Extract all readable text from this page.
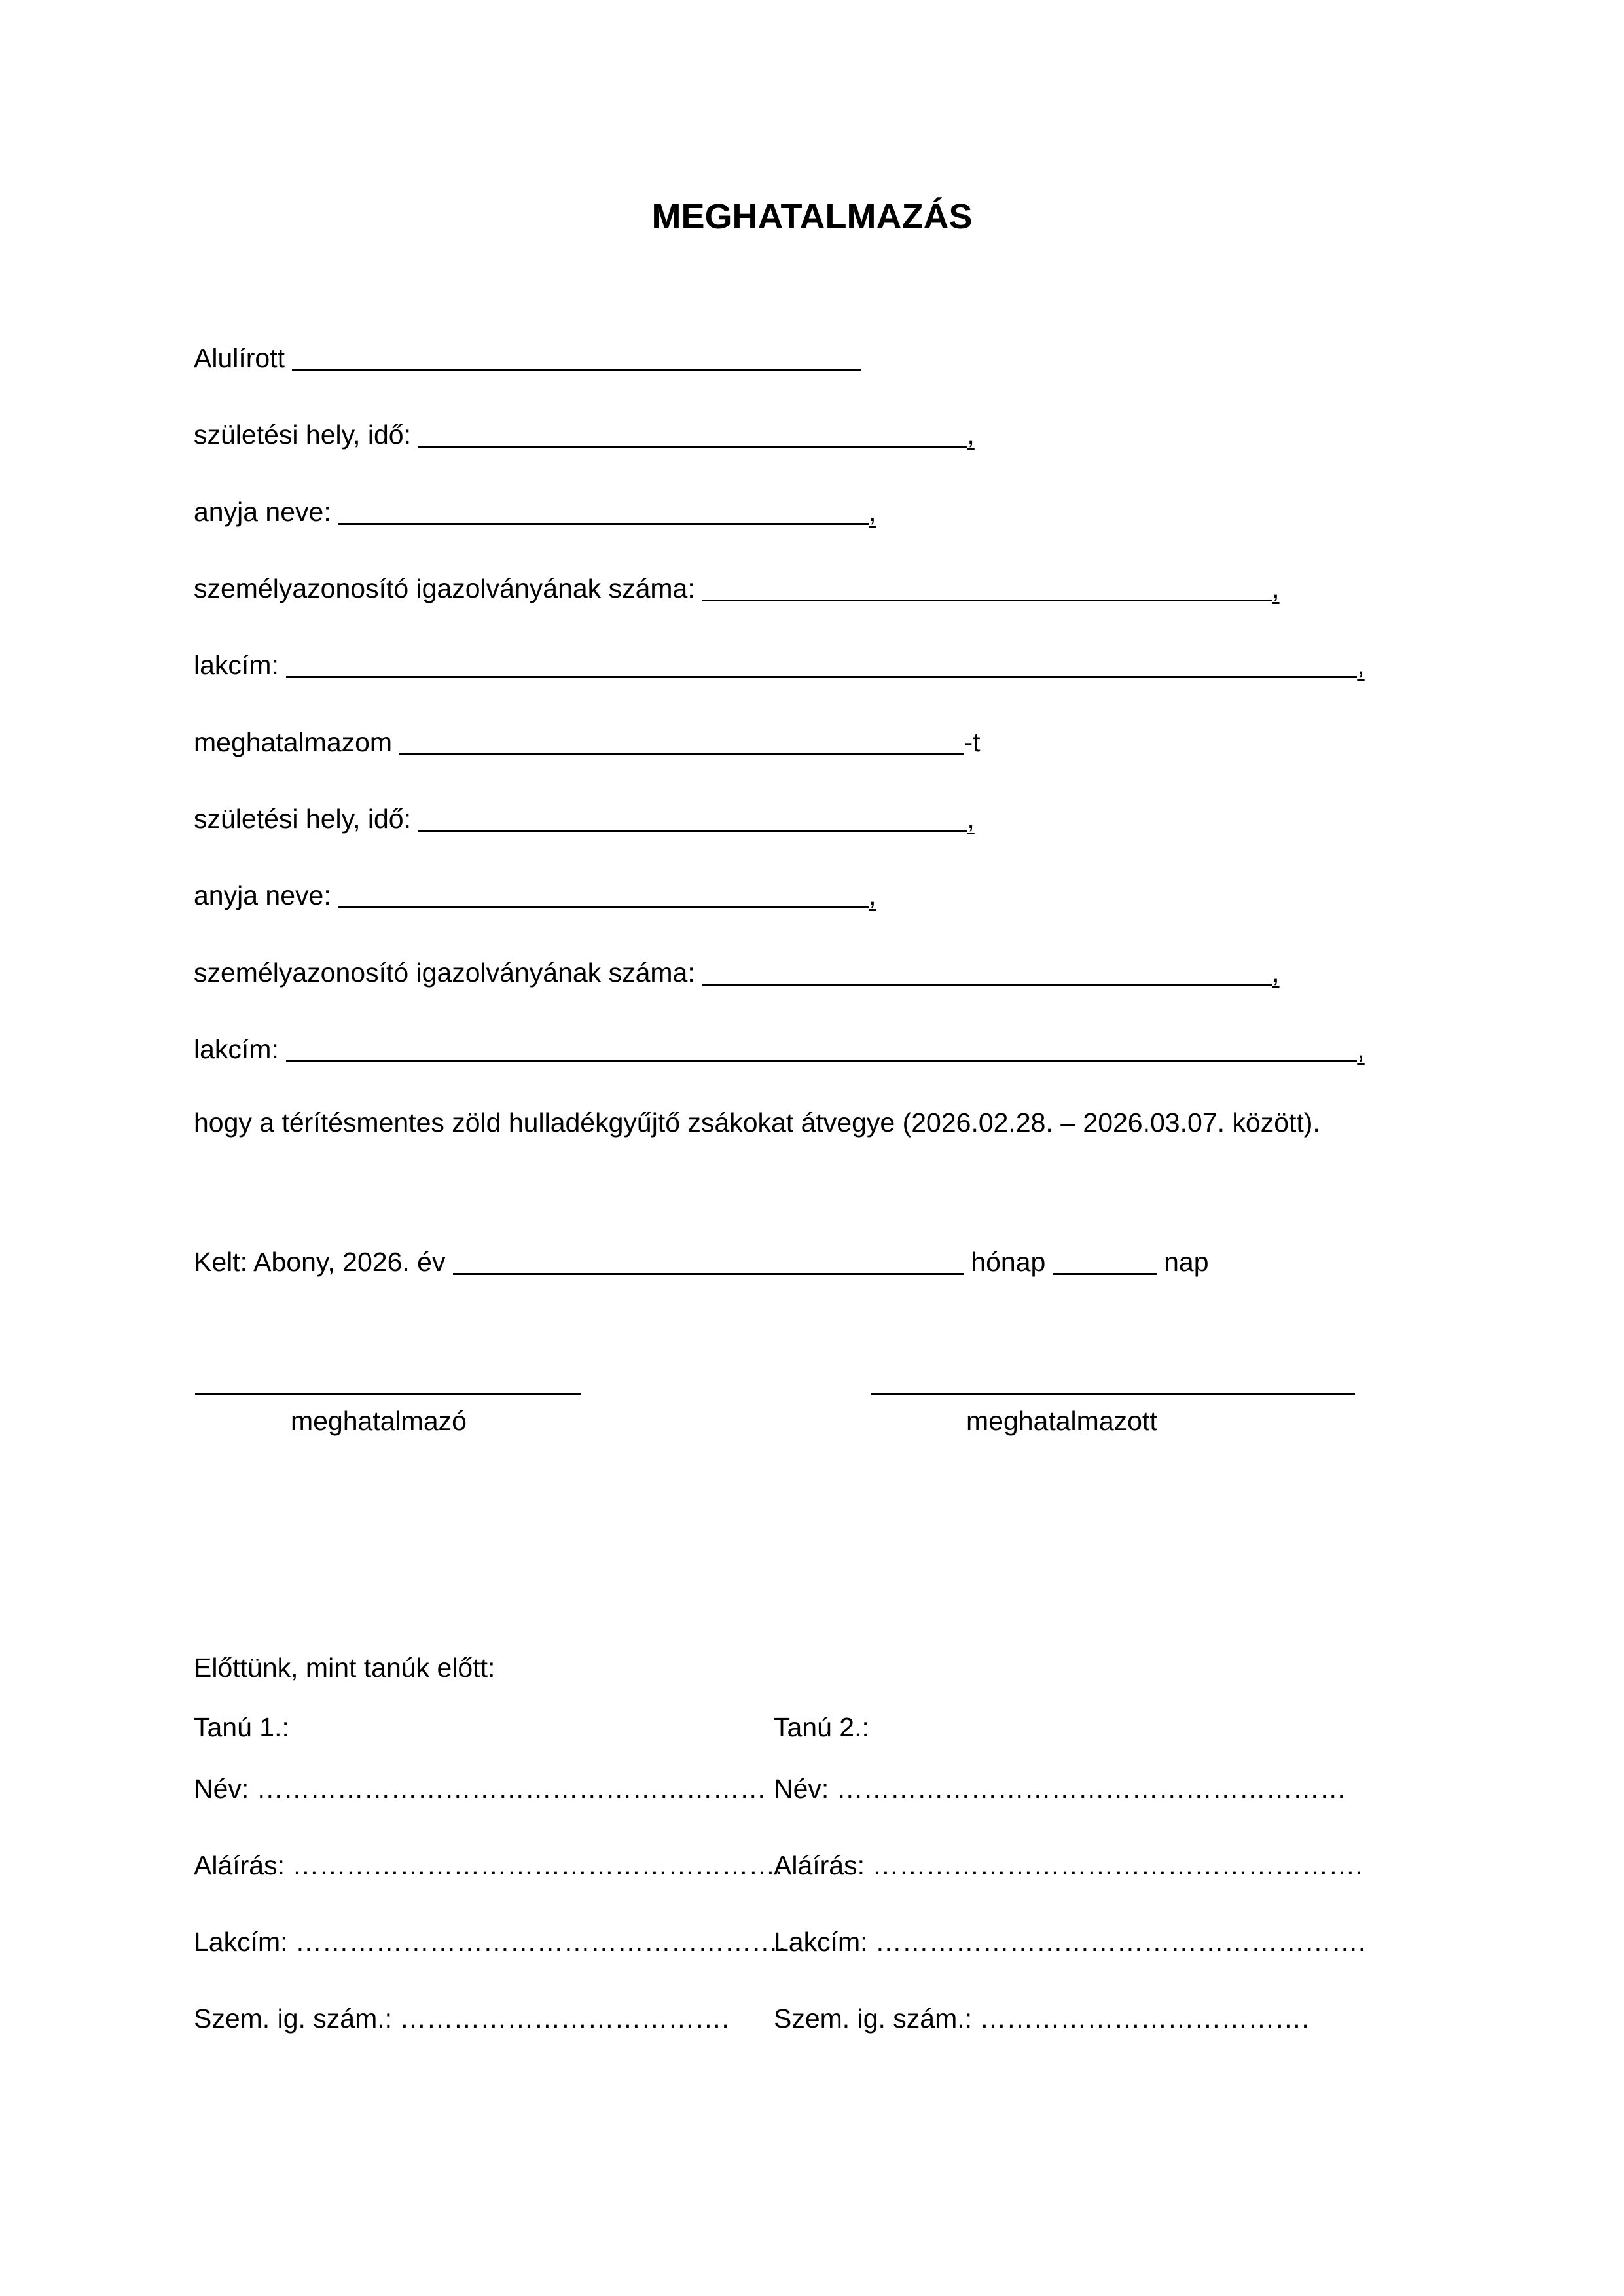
MEGHATALMAZÁS
Alulírott
születési hely, idő:	,
anyja neve:	,
személyazonosító igazolványának száma:	,
lakcím:	,
meghatalmazom	-t
születési hely, idő:	,
anyja neve:	,
személyazonosító igazolványának száma:	,
lakcím:	,
hogy a térítésmentes zöld hulladékgyűjtő zsákokat átvegye (2026.02.28. – 2026.03.07. között).
Kelt: Abony, 2026. év	hónap	nap
meghatalmazó	meghatalmazott
Előttünk, mint tanúk előtt:
Tanú 1.:
Név: …………………………………………………
Aláírás: ……………………………………………….
Lakcím: ……………………………………………….
Szem. ig. szám.: ……………………………….
Tanú 2.:
Név: …………………………………………………
Aláírás: ……………………………………………….
Lakcím: ……………………………………………….
Szem. ig. szám.: ……………………………….
